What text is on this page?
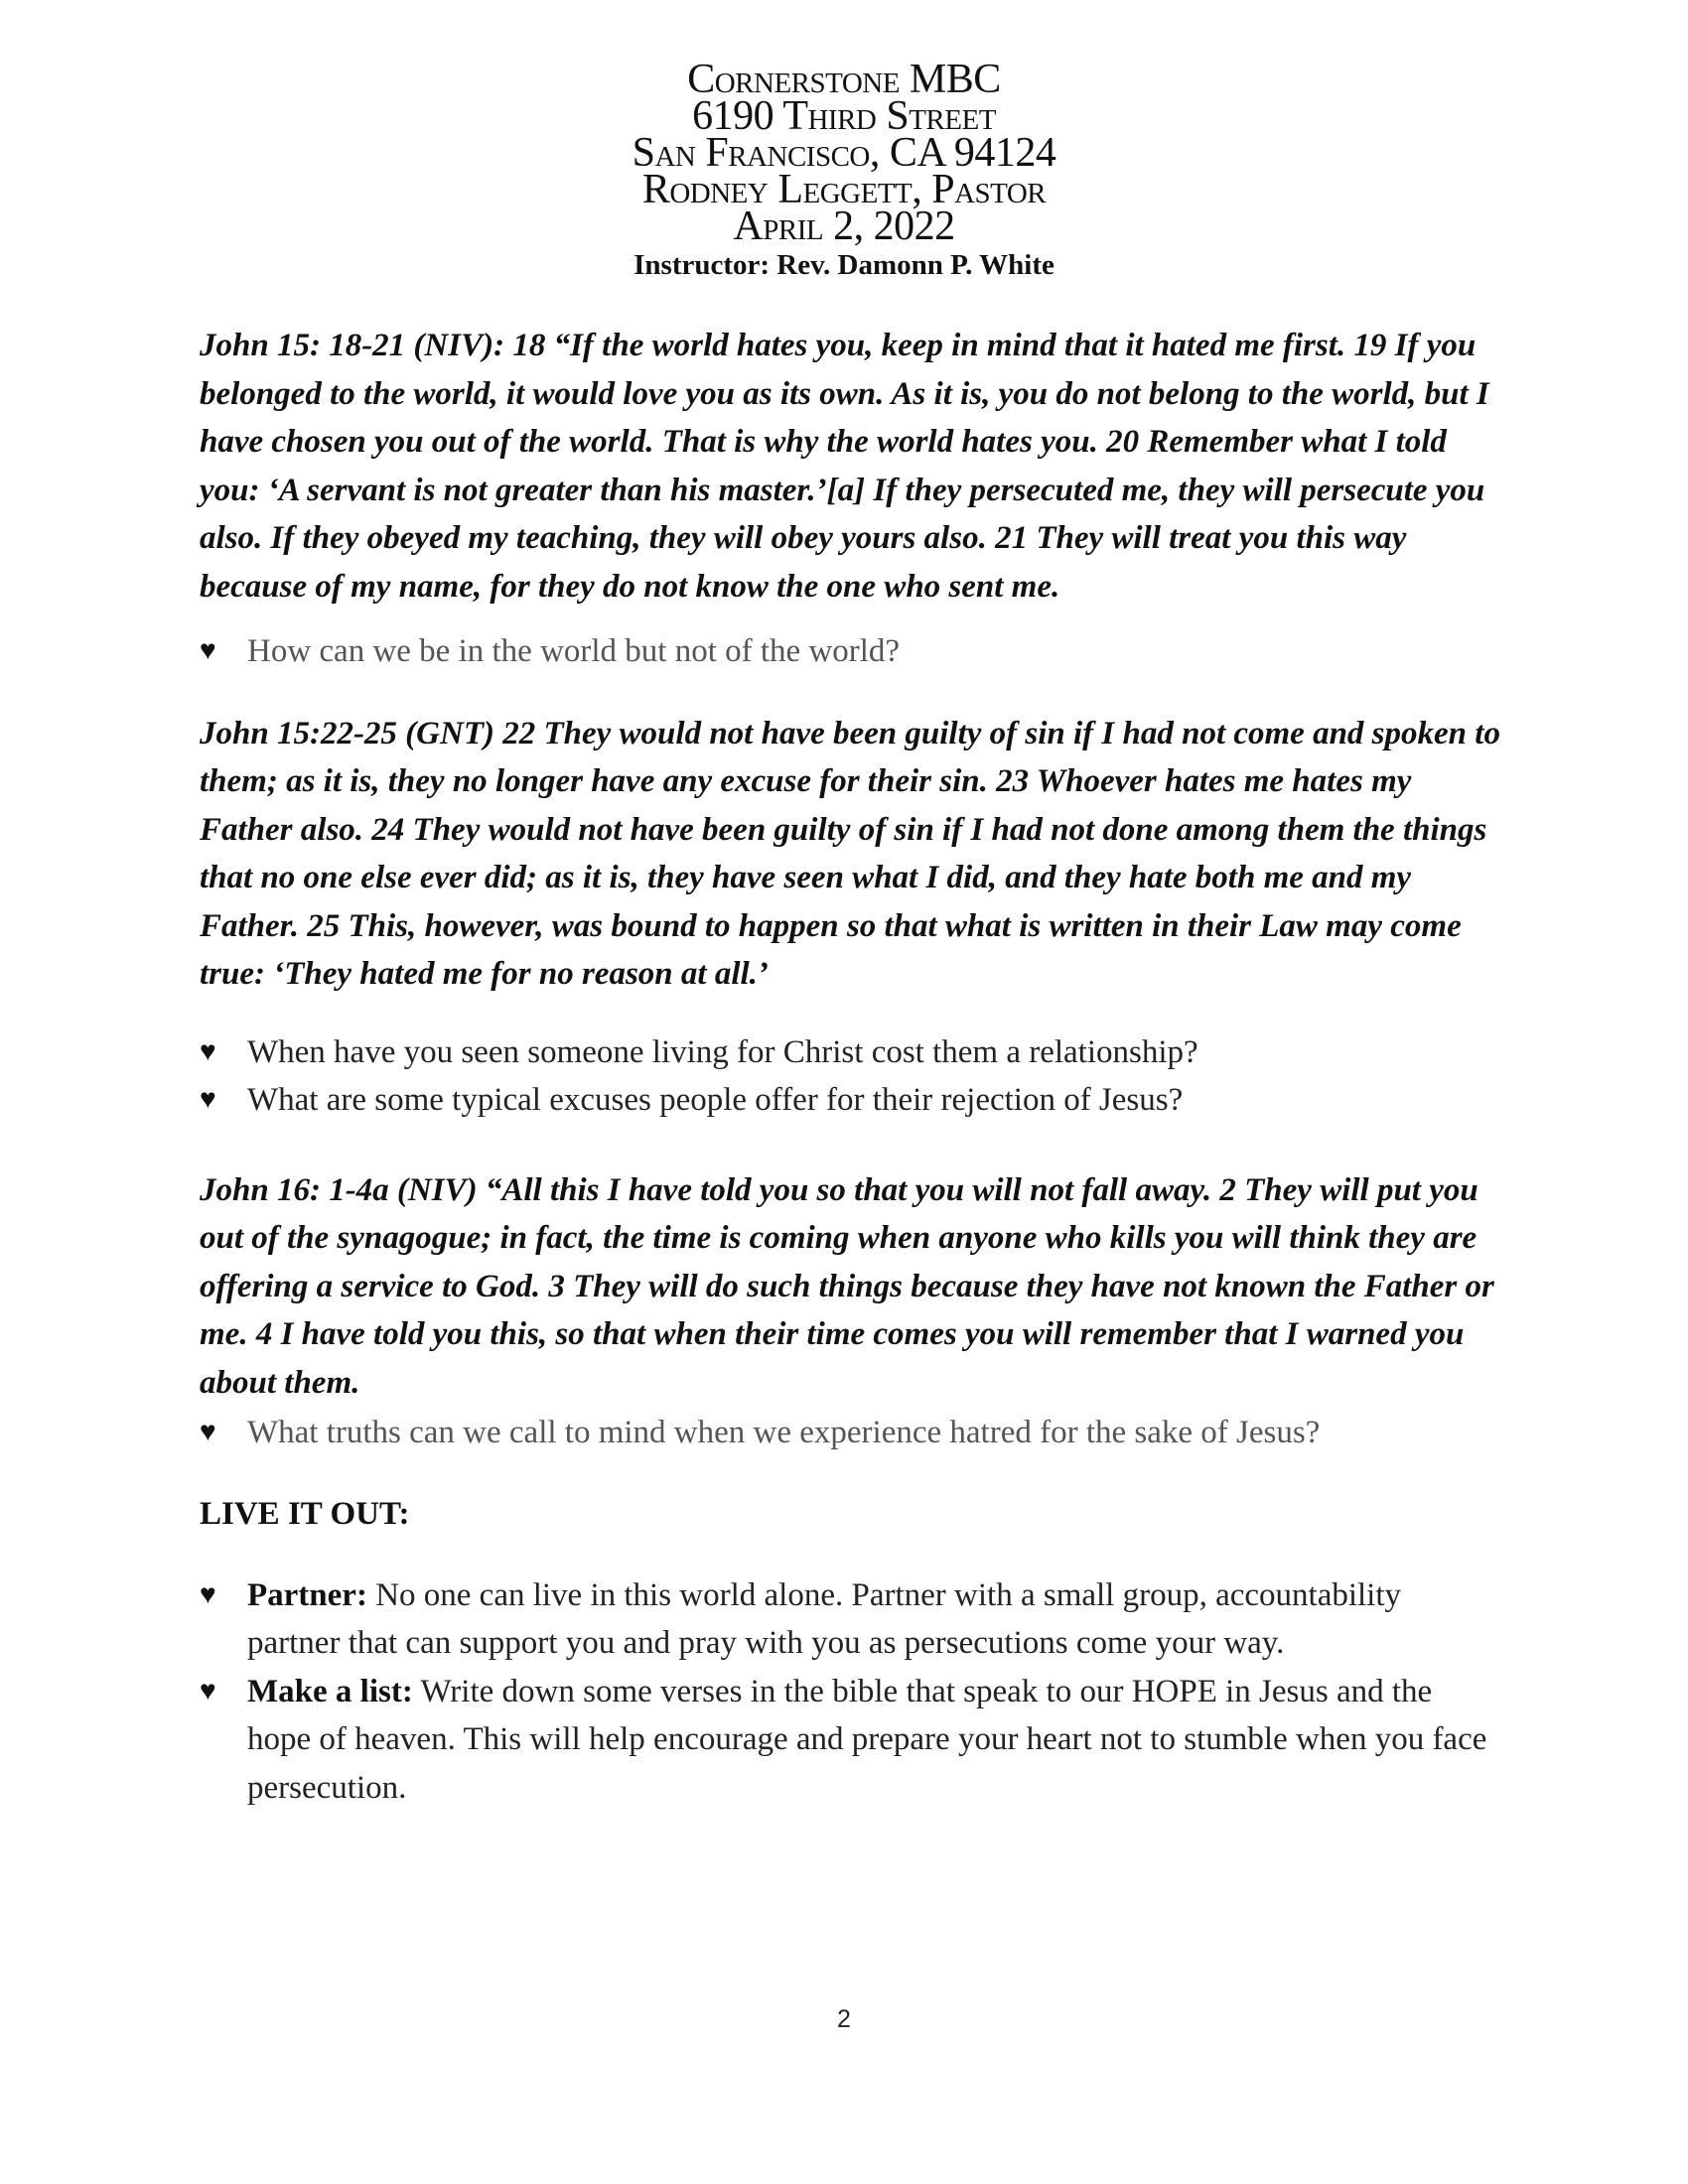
Cornerstone MBC
6190 Third Street
San Francisco, CA 94124
Rodney Leggett, Pastor
April 2, 2022
Instructor: Rev. Damonn P. White

John 15: 18-21 (NIV): 18 “If the world hates you, keep in mind that it hated me first. 19 If you belonged to the world, it would love you as its own. As it is, you do not belong to the world, but I have chosen you out of the world. That is why the world hates you. 20 Remember what I told you: ‘A servant is not greater than his master.’[a] If they persecuted me, they will persecute you also. If they obeyed my teaching, they will obey yours also. 21 They will treat you this way because of my name, for they do not know the one who sent me.

♥ How can we be in the world but not of the world?

John 15:22-25 (GNT) 22 They would not have been guilty of sin if I had not come and spoken to them; as it is, they no longer have any excuse for their sin. 23 Whoever hates me hates my Father also. 24 They would not have been guilty of sin if I had not done among them the things that no one else ever did; as it is, they have seen what I did, and they hate both me and my Father. 25 This, however, was bound to happen so that what is written in their Law may come true: ‘They hated me for no reason at all.’

♥ When have you seen someone living for Christ cost them a relationship?
♥ What are some typical excuses people offer for their rejection of Jesus?

John 16: 1-4a (NIV) “All this I have told you so that you will not fall away. 2 They will put you out of the synagogue; in fact, the time is coming when anyone who kills you will think they are offering a service to God. 3 They will do such things because they have not known the Father or me. 4 I have told you this, so that when their time comes you will remember that I warned you about them.

♥ What truths can we call to mind when we experience hatred for the sake of Jesus?

LIVE IT OUT:

♥ Partner: No one can live in this world alone. Partner with a small group, accountability partner that can support you and pray with you as persecutions come your way.
♥ Make a list: Write down some verses in the bible that speak to our HOPE in Jesus and the hope of heaven. This will help encourage and prepare your heart not to stumble when you face persecution.
2
